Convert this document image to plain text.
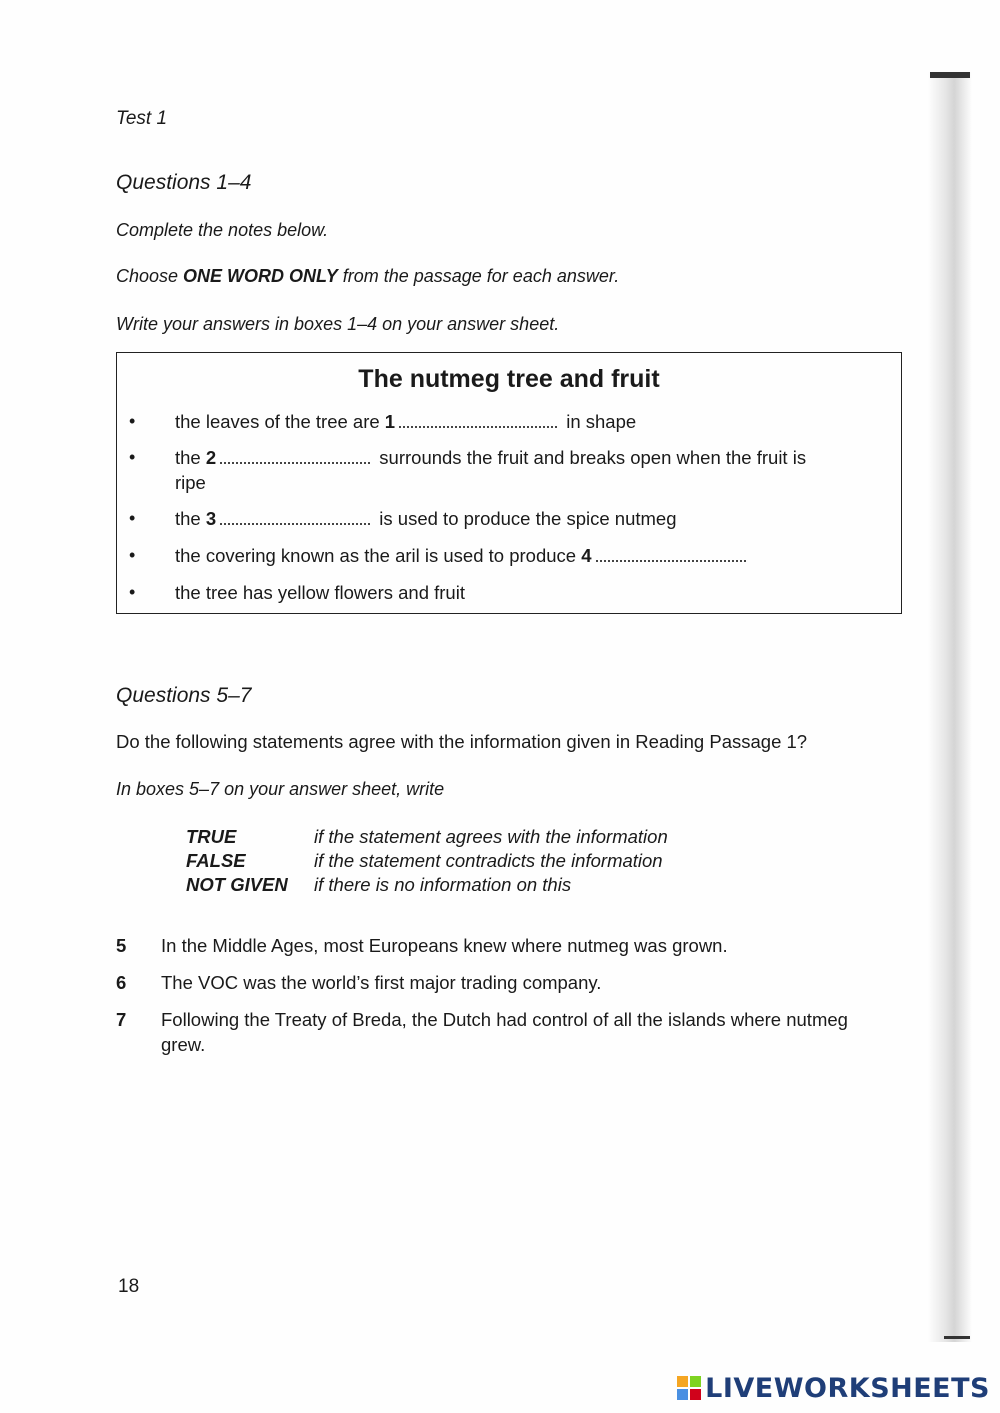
Test 1
Questions 1–4
Complete the notes below.
Choose ONE WORD ONLY from the passage for each answer.
Write your answers in boxes 1–4 on your answer sheet.
The nutmeg tree and fruit
• the leaves of the tree are 1	in shape
• the 2	surrounds the fruit and breaks open when the fruit is ripe
• the 3	is used to produce the spice nutmeg
• the covering known as the aril is used to produce 4
• the tree has yellow flowers and fruit
Questions 5–7
Do the following statements agree with the information given in Reading Passage 1?
In boxes 5–7 on your answer sheet, write
TRUE	if the statement agrees with the information
FALSE	if the statement contradicts the information
NOT GIVEN if there is no information on this
5 In the Middle Ages, most Europeans knew where nutmeg was grown.
6 The VOC was the world’s first major trading company.
7 Following the Treaty of Breda, the Dutch had control of all the islands where nutmeg grew.
18
LIVEWORKSHEETS
